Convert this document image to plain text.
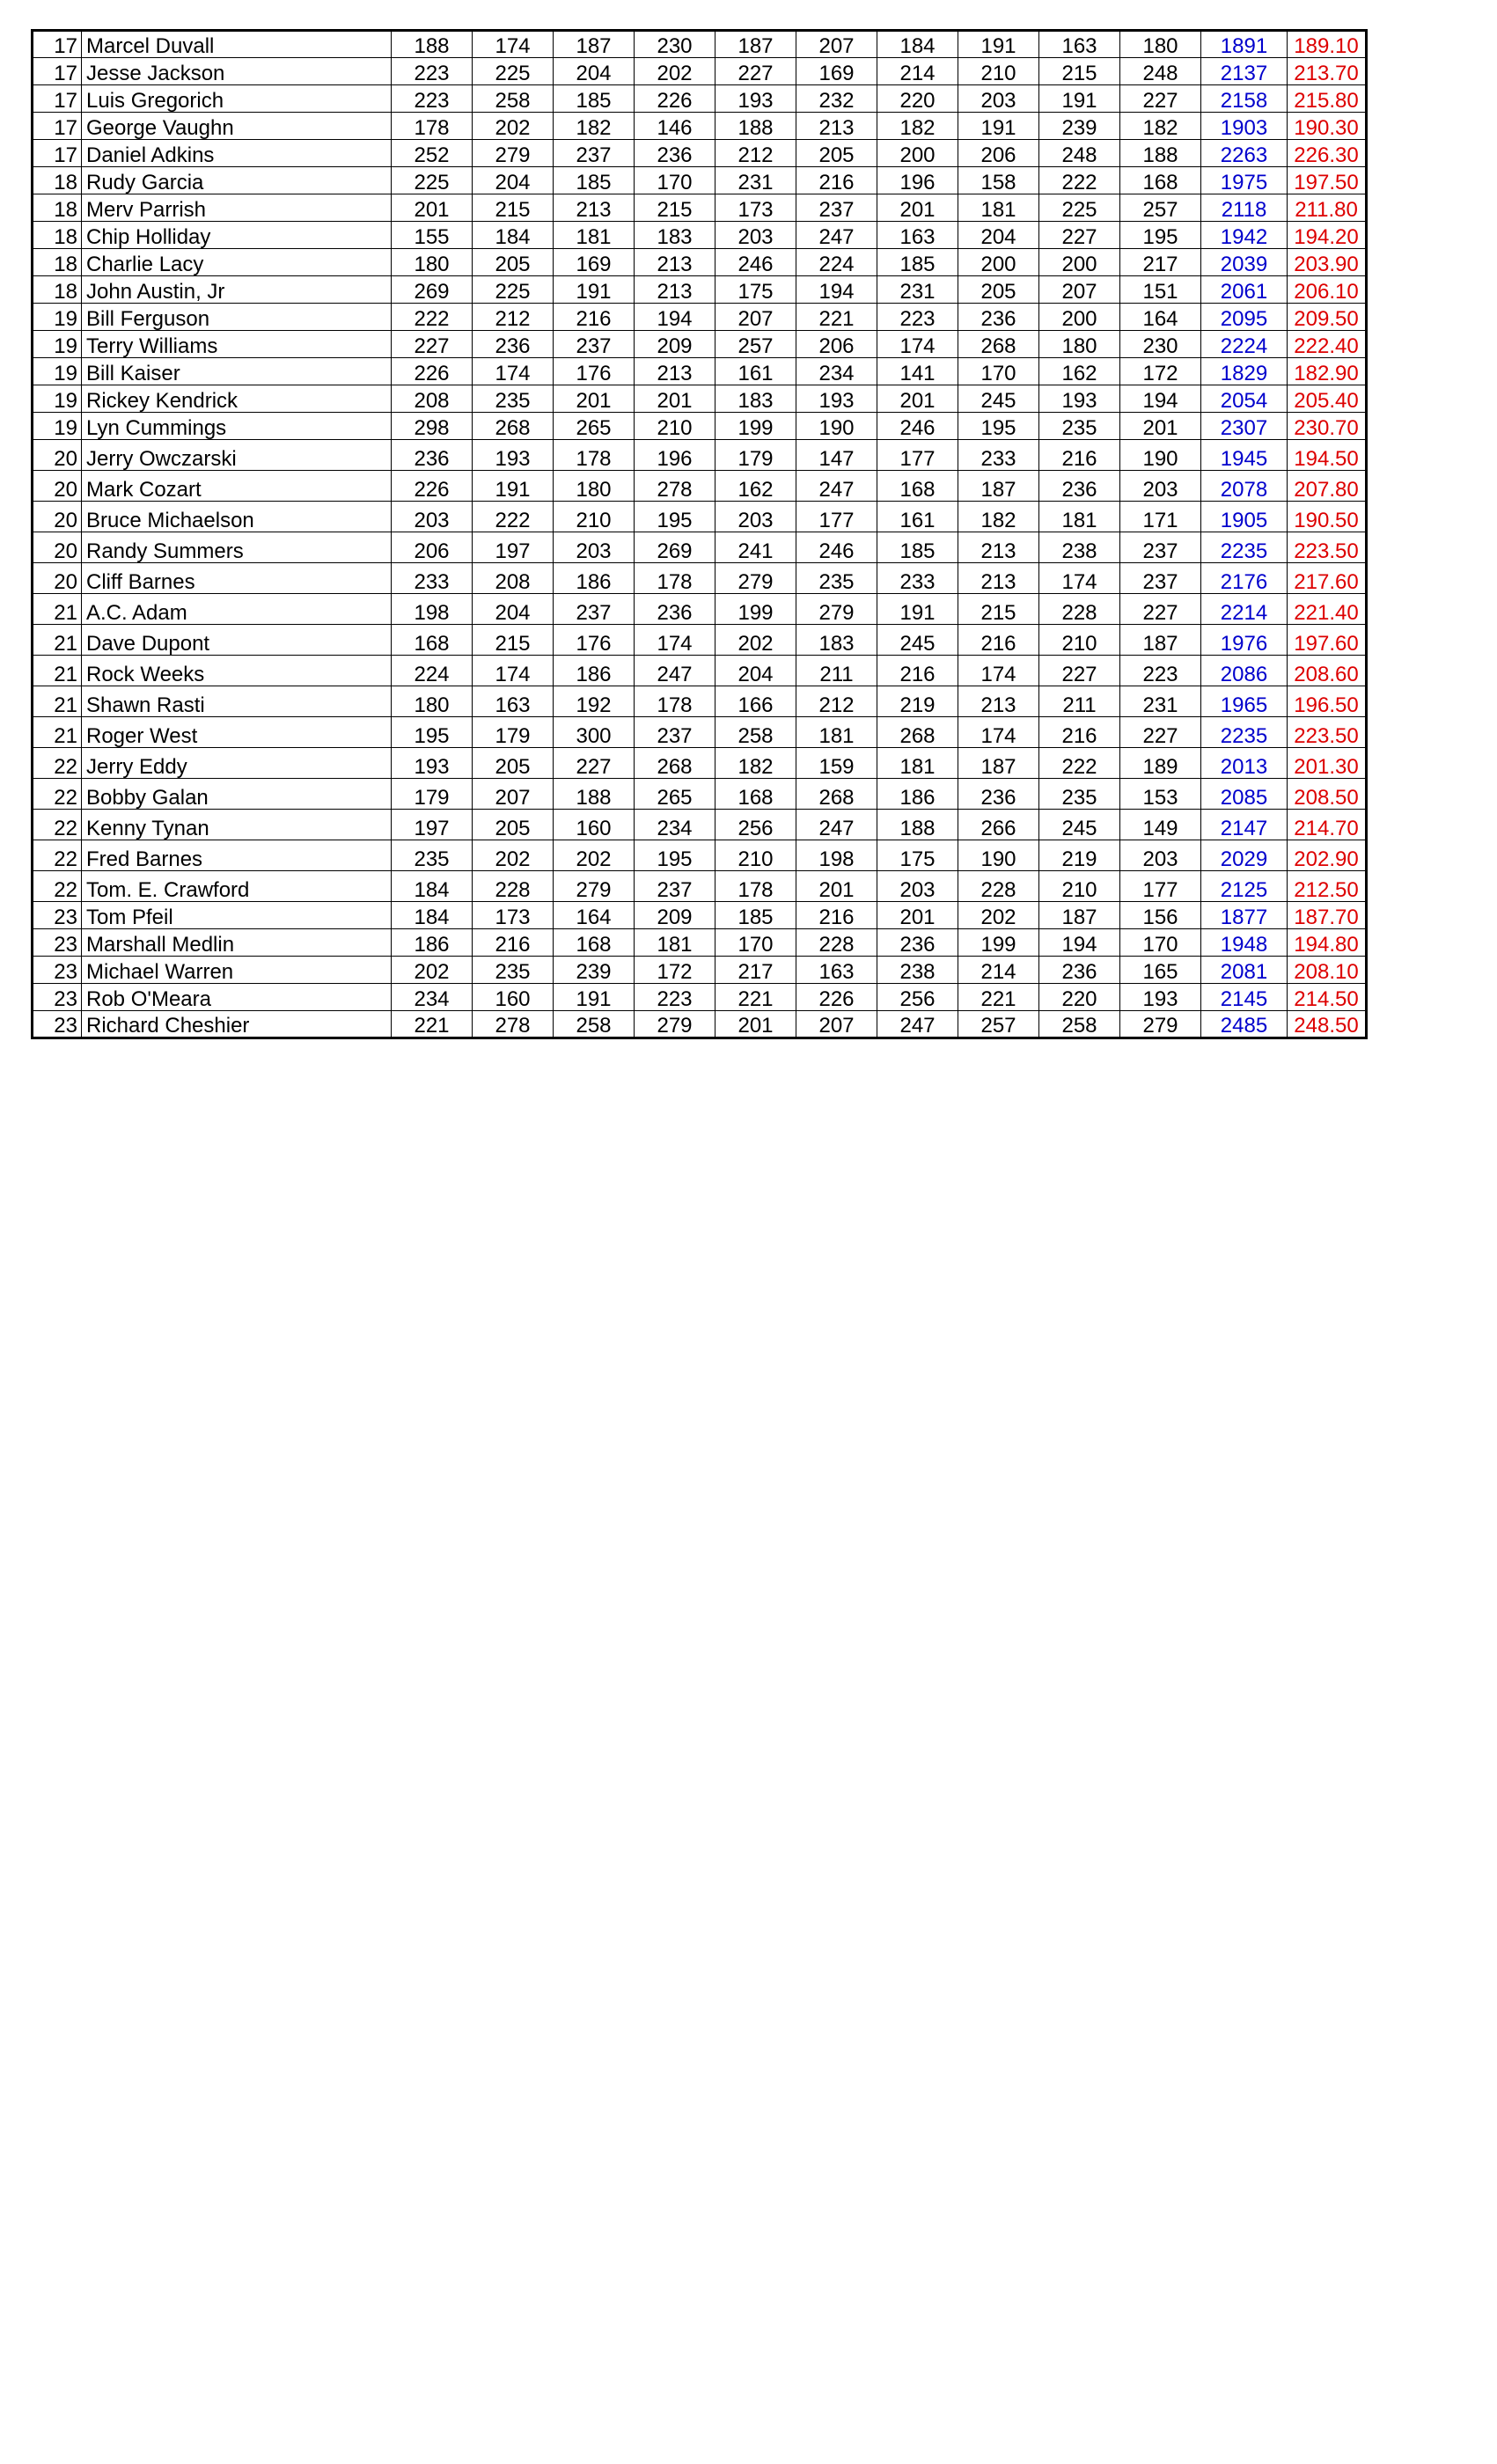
17	Marcel Duvall	188	174	187	230	187	207	184	191	163	180	1891	189.10
17	Jesse Jackson	223	225	204	202	227	169	214	210	215	248	2137	213.70
17	Luis Gregorich	223	258	185	226	193	232	220	203	191	227	2158	215.80
17	George Vaughn	178	202	182	146	188	213	182	191	239	182	1903	190.30
17	Daniel Adkins	252	279	237	236	212	205	200	206	248	188	2263	226.30
18	Rudy Garcia	225	204	185	170	231	216	196	158	222	168	1975	197.50
18	Merv Parrish	201	215	213	215	173	237	201	181	225	257	2118	211.80
18	Chip Holliday	155	184	181	183	203	247	163	204	227	195	1942	194.20
18	Charlie Lacy	180	205	169	213	246	224	185	200	200	217	2039	203.90
18	John Austin, Jr	269	225	191	213	175	194	231	205	207	151	2061	206.10
19	Bill Ferguson	222	212	216	194	207	221	223	236	200	164	2095	209.50
19	Terry Williams	227	236	237	209	257	206	174	268	180	230	2224	222.40
19	Bill Kaiser	226	174	176	213	161	234	141	170	162	172	1829	182.90
19	Rickey Kendrick	208	235	201	201	183	193	201	245	193	194	2054	205.40
19	Lyn Cummings	298	268	265	210	199	190	246	195	235	201	2307	230.70
20	Jerry Owczarski	236	193	178	196	179	147	177	233	216	190	1945	194.50
20	Mark Cozart	226	191	180	278	162	247	168	187	236	203	2078	207.80
20	Bruce Michaelson	203	222	210	195	203	177	161	182	181	171	1905	190.50
20	Randy Summers	206	197	203	269	241	246	185	213	238	237	2235	223.50
20	Cliff Barnes	233	208	186	178	279	235	233	213	174	237	2176	217.60
21	A.C. Adam	198	204	237	236	199	279	191	215	228	227	2214	221.40
21	Dave Dupont	168	215	176	174	202	183	245	216	210	187	1976	197.60
21	Rock Weeks	224	174	186	247	204	211	216	174	227	223	2086	208.60
21	Shawn Rasti	180	163	192	178	166	212	219	213	211	231	1965	196.50
21	Roger West	195	179	300	237	258	181	268	174	216	227	2235	223.50
22	Jerry Eddy	193	205	227	268	182	159	181	187	222	189	2013	201.30
22	Bobby Galan	179	207	188	265	168	268	186	236	235	153	2085	208.50
22	Kenny Tynan	197	205	160	234	256	247	188	266	245	149	2147	214.70
22	Fred Barnes	235	202	202	195	210	198	175	190	219	203	2029	202.90
22	Tom. E. Crawford	184	228	279	237	178	201	203	228	210	177	2125	212.50
23	Tom Pfeil	184	173	164	209	185	216	201	202	187	156	1877	187.70
23	Marshall Medlin	186	216	168	181	170	228	236	199	194	170	1948	194.80
23	Michael Warren	202	235	239	172	217	163	238	214	236	165	2081	208.10
23	Rob O'Meara	234	160	191	223	221	226	256	221	220	193	2145	214.50
23	Richard Cheshier	221	278	258	279	201	207	247	257	258	279	2485	248.50
